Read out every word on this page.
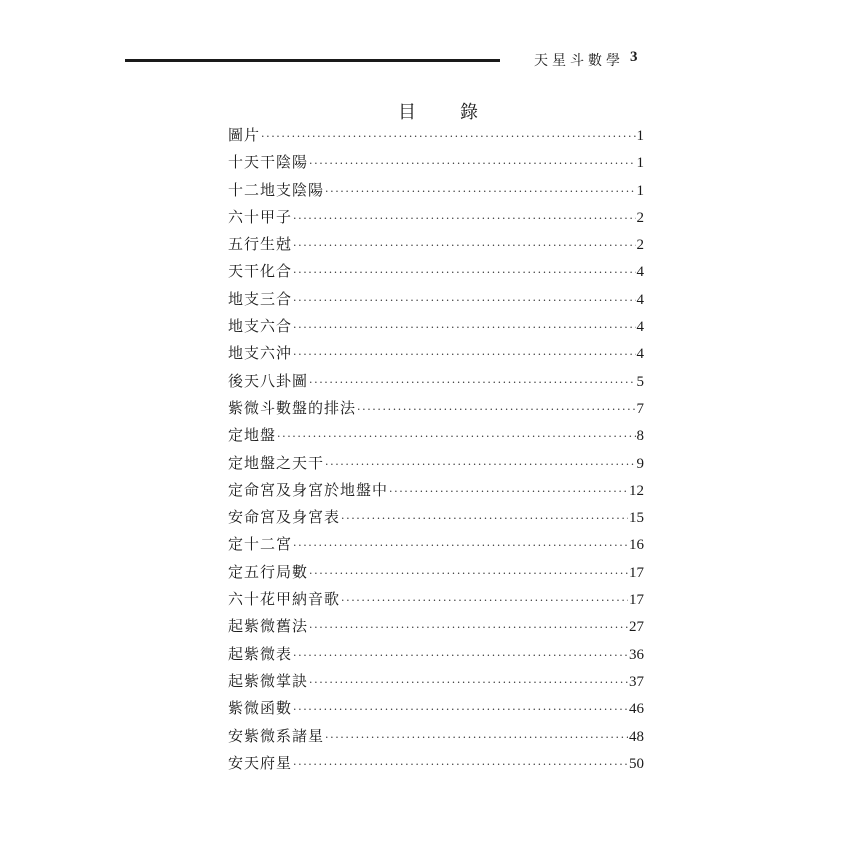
天星斗數學 3
目錄
圖片 ·····	1
十天干陰陽 ·····	1
十二地支陰陽 ·····	1
六十甲子 ·····	2
五行生尅 ·····	2
天干化合 ·····	4
地支三合 ·····	4
地支六合 ·····	4
地支六沖 ·····	4
後天八卦圖 ·····	5
紫微斗數盤的排法 ·····	7
定地盤 ·····	8
定地盤之天干 ·····	9
定命宮及身宮於地盤中 ·····	12
安命宮及身宮表 ·····	15
定十二宮 ·····	16
定五行局數 ·····	17
六十花甲納音歌 ·····	17
起紫微舊法 ·····	27
起紫微表 ·····	36
起紫微掌訣 ·····	37
紫微函數 ·····	46
安紫微系諸星 ·····	48
安天府星 ·····	50
